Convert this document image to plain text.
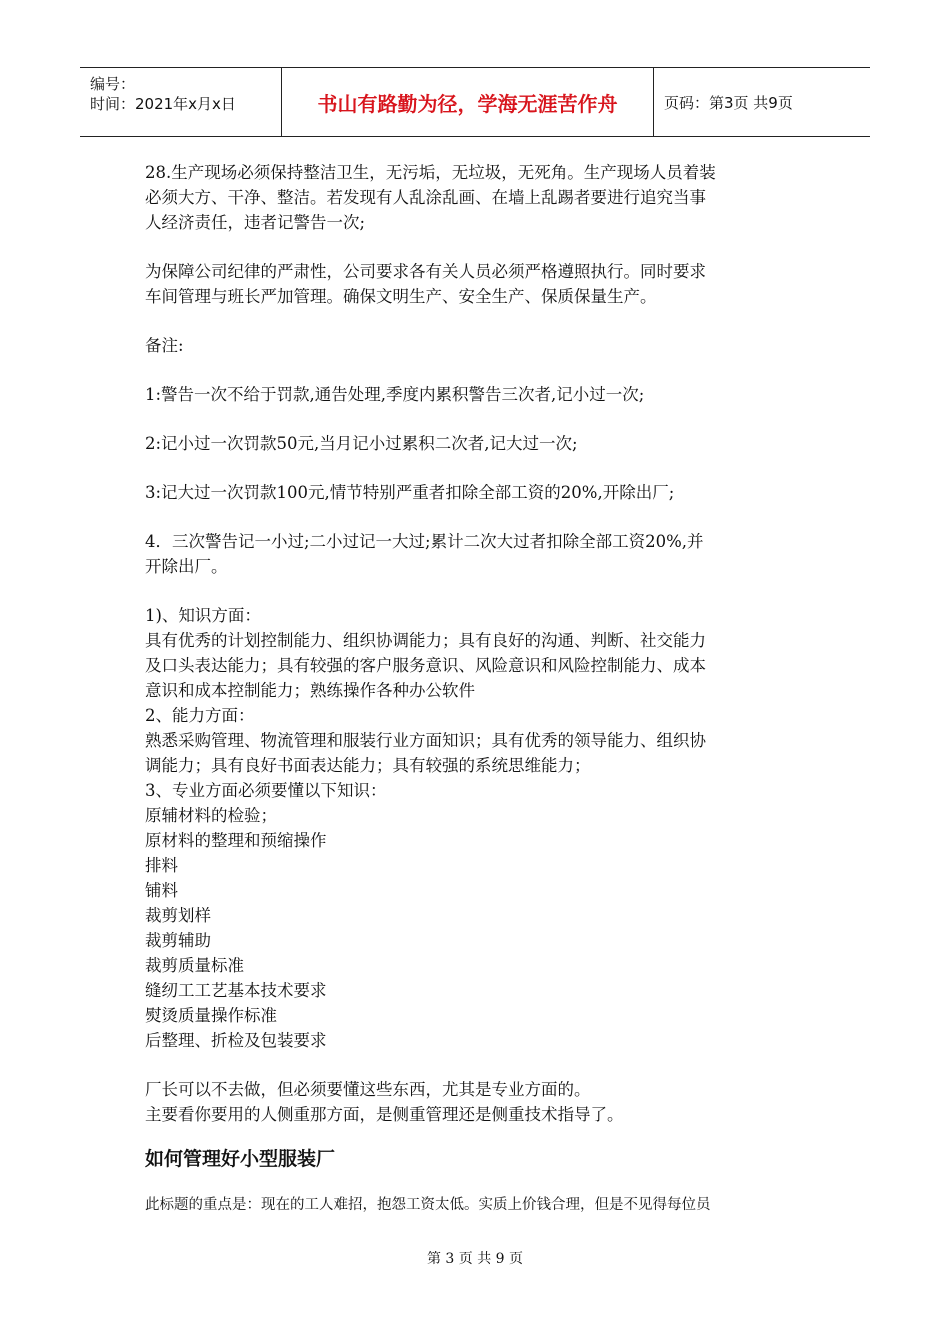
编号：
时间：2021年x月x日	书山有路勤为径，学海无涯苦作舟	页码：第3页 共9页

28.生产现场必须保持整洁卫生，无污垢，无垃圾，无死角。生产现场人员着装

必须大方、干净、整洁。若发现有人乱涂乱画、在墙上乱踢者要进行追究当事

人经济责任，违者记警告一次;

为保障公司纪律的严肃性，公司要求各有关人员必须严格遵照执行。同时要求

车间管理与班长严加管理。确保文明生产、安全生产、保质保量生产。

备注:

1:警告一次不给于罚款,通告处理,季度内累积警告三次者,记小过一次;

2:记小过一次罚款50元,当月记小过累积二次者,记大过一次;

3:记大过一次罚款100元,情节特别严重者扣除全部工资的20%,开除出厂;

4．三次警告记一小过;二小过记一大过;累计二次大过者扣除全部工资20%,并

开除出厂。

1)、知识方面：

具有优秀的计划控制能力、组织协调能力；具有良好的沟通、判断、社交能力

及口头表达能力；具有较强的客户服务意识、风险意识和风险控制能力、成本

意识和成本控制能力；熟练操作各种办公软件

2、能力方面：

熟悉采购管理、物流管理和服装行业方面知识；具有优秀的领导能力、组织协

调能力；具有良好书面表达能力；具有较强的系统思维能力；

3、专业方面必须要懂以下知识：

原辅材料的检验；

原材料的整理和预缩操作

排料

铺料

裁剪划样

裁剪辅助

裁剪质量标准

缝纫工工艺基本技术要求

熨烫质量操作标准

后整理、折检及包装要求

厂长可以不去做，但必须要懂这些东西，尤其是专业方面的。

主要看你要用的人侧重那方面，是侧重管理还是侧重技术指导了。

如何管理好小型服装厂

此标题的重点是：现在的工人难招，抱怨工资太低。实质上价钱合理，但是不见得每位员

第 3 页 共 9 页
